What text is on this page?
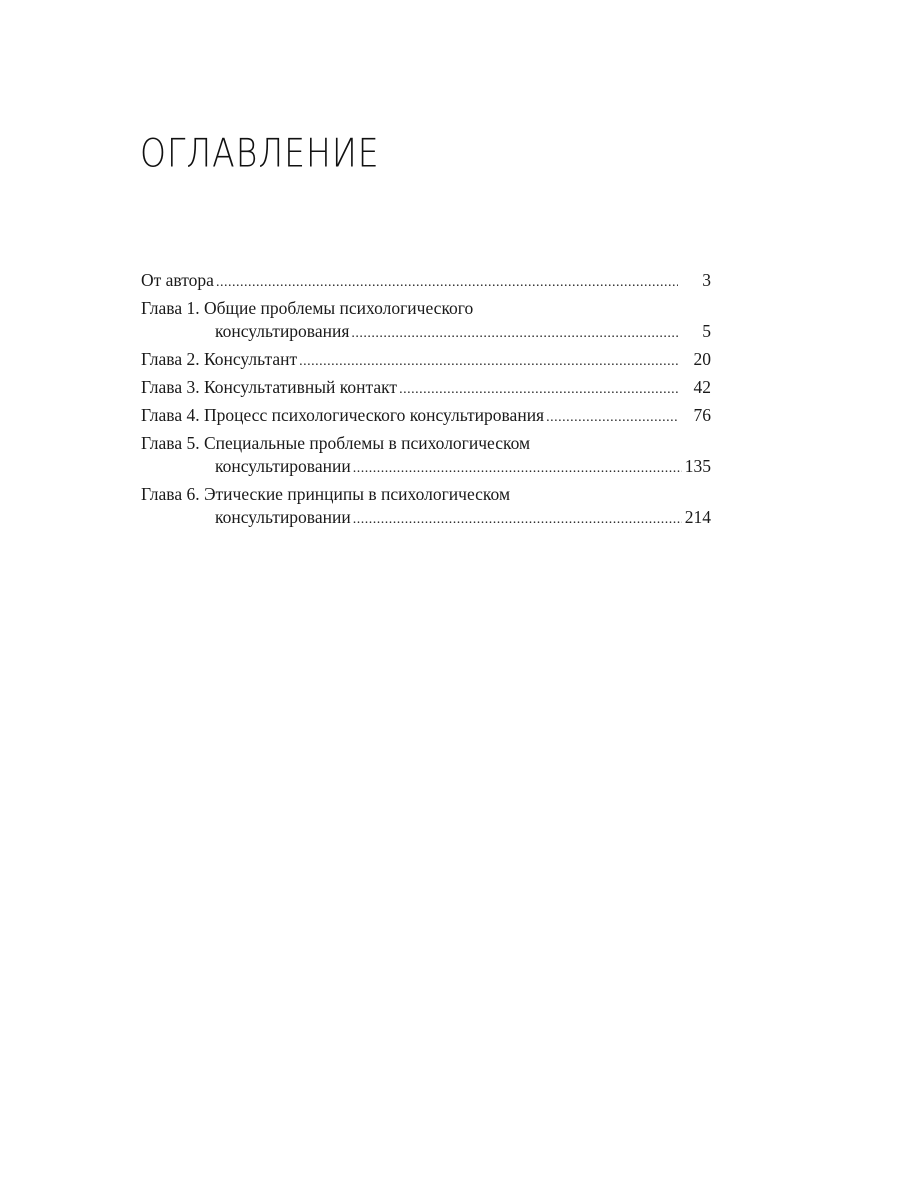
ОГЛАВЛЕНИЕ
От автора .....	3
Глава 1. Общие проблемы психологического
консультирования .....	5
Глава 2. Консультант .....	20
Глава 3. Консультативный контакт .....	42
Глава 4. Процесс психологического консультирования .....	76
Глава 5. Специальные проблемы в психологическом
консультировании .....	135
Глава 6. Этические принципы в психологическом
консультировании .....	214
